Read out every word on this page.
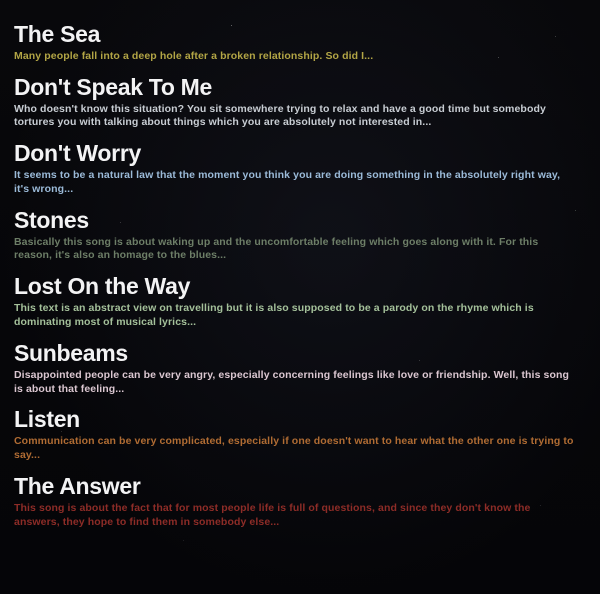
The Sea

Many people fall into a deep hole after a broken relationship. So did I...

Don't Speak To Me

Who doesn't know this situation? You sit somewhere trying to relax and have a good time but somebody tortures you with talking about things which you are absolutely not interested in...

Don't Worry

It seems to be a natural law that the moment you think you are doing something in the absolutely right way, it's wrong...

Stones

Basically this song is about waking up and the uncomfortable feeling which goes along with it. For this reason, it's also an homage to the blues...

Lost On the Way

This text is an abstract view on travelling but it is also supposed to be a parody on the rhyme which is dominating most of musical lyrics...

Sunbeams

Disappointed people can be very angry, especially concerning feelings like love or friendship. Well, this song is about that feeling...

Listen

Communication can be very complicated, especially if one doesn't want to hear what the other one is trying to say...

The Answer

This song is about the fact that for most people life is full of questions, and since they don't know the answers, they hope to find them in somebody else...
